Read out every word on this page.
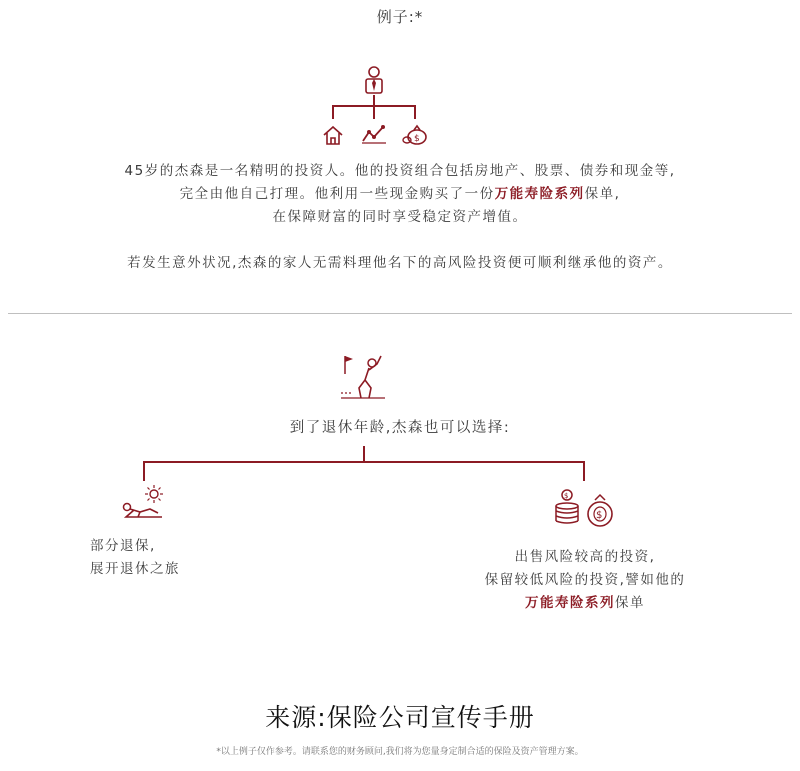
例子:*
$
45岁的杰森是一名精明的投资人。他的投资组合包括房地产、股票、债券和现金等,
完全由他自己打理。他利用一些现金购买了一份万能寿险系列保单,
在保障财富的同时享受稳定资产增值。
若发生意外状况,杰森的家人无需料理他名下的高风险投资便可顺利继承他的资产。
到了退休年龄,杰森也可以选择:
部分退保,
展开退休之旅
$
$
出售风险较高的投资,
保留较低风险的投资,譬如他的
万能寿险系列保单
来源:保险公司宣传手册
*以上例子仅作参考。请联系您的财务顾问,我们将为您量身定制合适的保险及资产管理方案。
